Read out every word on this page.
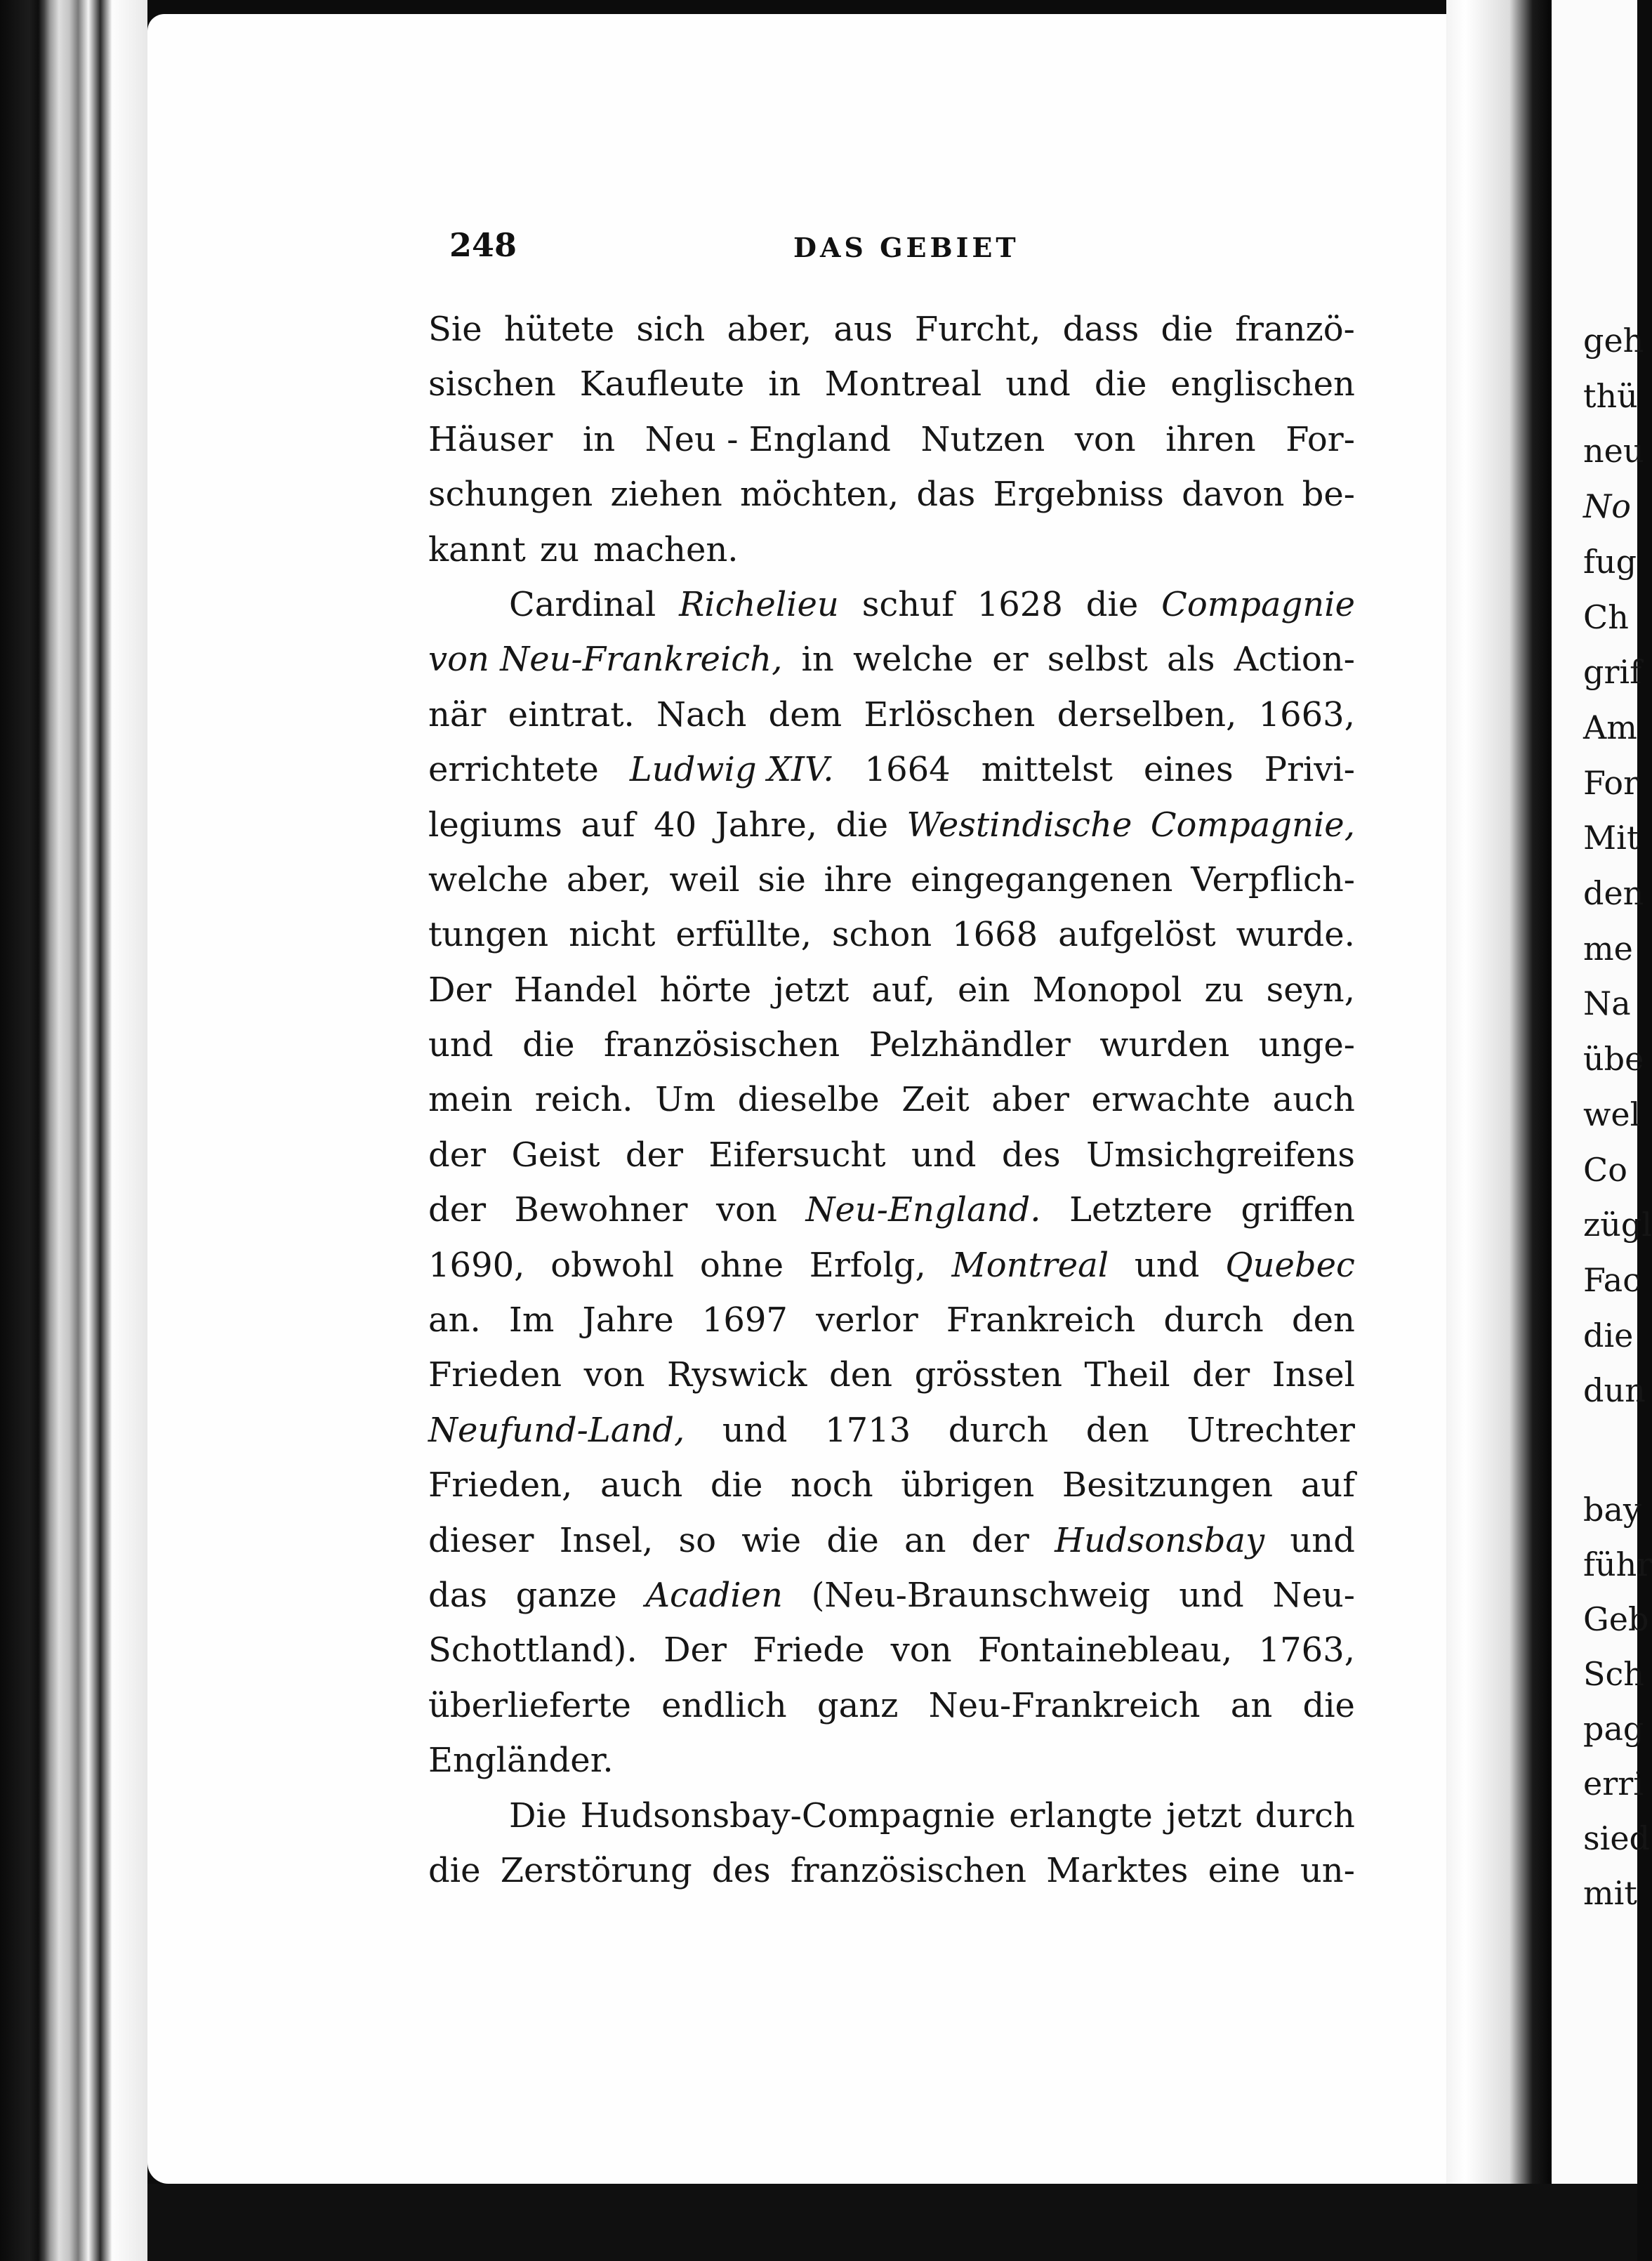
248	DAS GEBIET
Sie hütete sich aber, aus Furcht, dass die franzö-
sischen Kaufleute in Montreal und die englischen
Häuser in Neu - England Nutzen von ihren For-
schungen ziehen möchten, das Ergebniss davon be-
kannt zu machen.
Cardinal Richelieu schuf 1628 die Compagnie
von Neu-Frankreich, in welche er selbst als Action-
när eintrat. Nach dem Erlöschen derselben, 1663,
errichtete Ludwig XIV. 1664 mittelst eines Privi-
legiums auf 40 Jahre, die Westindische Compagnie,
welche aber, weil sie ihre eingegangenen Verpflich-
tungen nicht erfüllte, schon 1668 aufgelöst wurde.
Der Handel hörte jetzt auf, ein Monopol zu seyn,
und die französischen Pelzhändler wurden unge-
mein reich. Um dieselbe Zeit aber erwachte auch
der Geist der Eifersucht und des Umsichgreifens
der Bewohner von Neu-England. Letztere griffen
1690, obwohl ohne Erfolg, Montreal und Quebec
an. Im Jahre 1697 verlor Frankreich durch den
Frieden von Ryswick den grössten Theil der Insel
Neufund-Land, und 1713 durch den Utrechter
Frieden, auch die noch übrigen Besitzungen auf
dieser Insel, so wie die an der Hudsonsbay und
das ganze Acadien (Neu-Braunschweig und Neu-
Schottland). Der Friede von Fontainebleau, 1763,
überlieferte endlich ganz Neu-Frankreich an die
Engländer.
Die Hudsonsbay-Compagnie erlangte jetzt durch
die Zerstörung des französischen Marktes eine un-
geh
thü
neu
No
fug
Ch
grif
Am
For
Mit
den
me
Na
übe
wel
Co
zügl
Fac
die
dun
bay
führ
Geb
Sch
pag
erri
sied
mit
